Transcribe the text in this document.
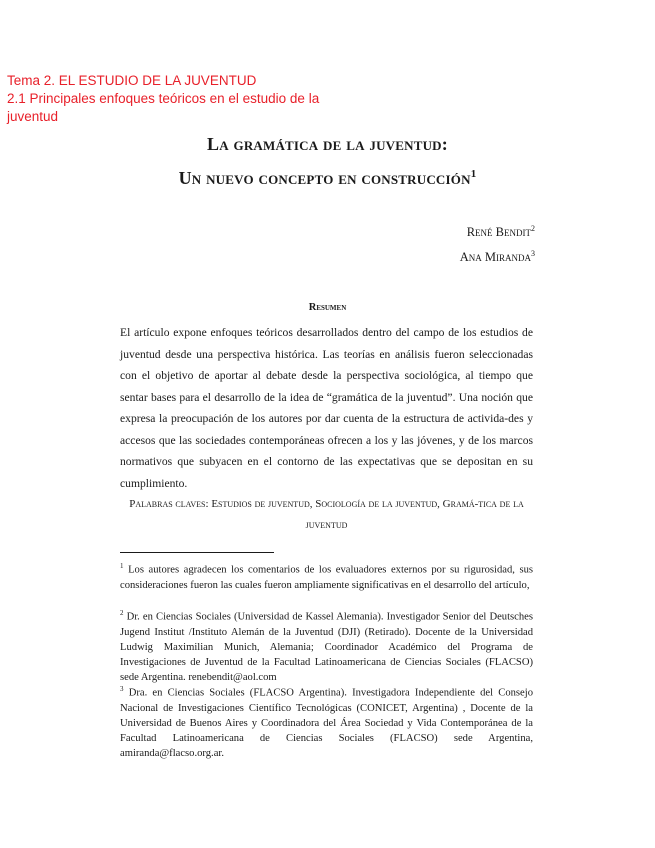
Tema 2. EL ESTUDIO DE LA JUVENTUD
2.1 Principales enfoques teóricos en el estudio de la juventud
La gramática de la juventud:
Un nuevo concepto en construcción$^1$
René Bendit$^2$
Ana Miranda$^3$
Resumen
El artículo expone enfoques teóricos desarrollados dentro del campo de los estudios de juventud desde una perspectiva histórica. Las teorías en análisis fueron seleccionadas con el objetivo de aportar al debate desde la perspectiva sociológica, al tiempo que sentar bases para el desarrollo de la idea de “gramática de la juventud”. Una noción que expresa la preocupación de los autores por dar cuenta de la estructura de activida-des y accesos que las sociedades contemporáneas ofrecen a los y las jóvenes, y de los marcos normativos que subyacen en el contorno de las expectativas que se depositan en su cumplimiento.
Palabras claves: Estudios de juventud, Sociología de la juventud, Gramá-tica de la juventud
$^1$ Los autores agradecen los comentarios de los evaluadores externos por su rigurosidad, sus consideraciones fueron las cuales fueron ampliamente significativas en el desarrollo del artículo,
$^2$ Dr. en Ciencias Sociales (Universidad de Kassel Alemania). Investigador Senior del Deutsches Jugend Institut /Instituto Alemán de la Juventud (DJI) (Retirado). Docente de la Universidad Ludwig Maximilian Munich, Alemania; Coordinador Académico del Programa de Investigaciones de Juventud de la Facultad Latinoamericana de Ciencias Sociales (FLACSO) sede Argentina. renebendit@aol.com
$^3$ Dra. en Ciencias Sociales (FLACSO Argentina). Investigadora Independiente del Consejo Nacional de Investigaciones Científico Tecnológicas (CONICET, Argentina) , Docente de la Universidad de Buenos Aires y Coordinadora del Área Sociedad y Vida Contemporánea de la Facultad Latinoamericana de Ciencias Sociales (FLACSO) sede Argentina, amiranda@flacso.org.ar.
